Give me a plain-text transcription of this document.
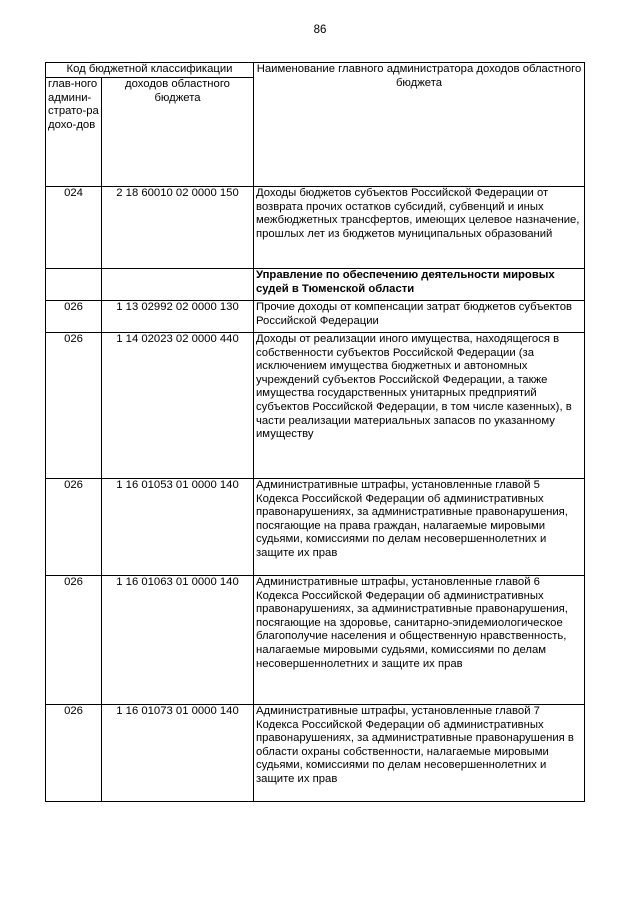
86
Код бюджетной классификации		Наименование главного администратора доходов областного бюджета
глав-ного админи-страто-ра дохо-дов	доходов областного бюджета	
024	2 18 60010 02 0000 150	Доходы бюджетов субъектов Российской Федерации от возврата прочих остатков субсидий, субвенций и иных межбюджетных трансфертов, имеющих целевое назначение, прошлых лет из бюджетов муниципальных образований
		Управление по обеспечению деятельности мировых судей в Тюменской области
026	1 13 02992 02 0000 130	Прочие доходы от компенсации затрат бюджетов субъектов Российской Федерации
026	1 14 02023 02 0000 440	Доходы от реализации иного имущества, находящегося в собственности субъектов Российской Федерации (за исключением имущества бюджетных и автономных учреждений субъектов Российской Федерации, а также имущества государственных унитарных предприятий субъектов Российской Федерации, в том числе казенных), в части реализации материальных запасов по указанному имуществу
026	1 16 01053 01 0000 140	Административные штрафы, установленные главой 5 Кодекса Российской Федерации об административных правонарушениях, за административные правонарушения, посягающие на права граждан, налагаемые мировыми судьями, комиссиями по делам несовершеннолетних и защите их прав
026	1 16 01063 01 0000 140	Административные штрафы, установленные главой 6 Кодекса Российской Федерации об административных правонарушениях, за административные правонарушения, посягающие на здоровье, санитарно-эпидемиологическое благополучие населения и общественную нравственность, налагаемые мировыми судьями, комиссиями по делам несовершеннолетних и защите их прав
026	1 16 01073 01 0000 140	Административные штрафы, установленные главой 7 Кодекса Российской Федерации об административных правонарушениях, за административные правонарушения в области охраны собственности, налагаемые мировыми судьями, комиссиями по делам несовершеннолетних и защите их прав
